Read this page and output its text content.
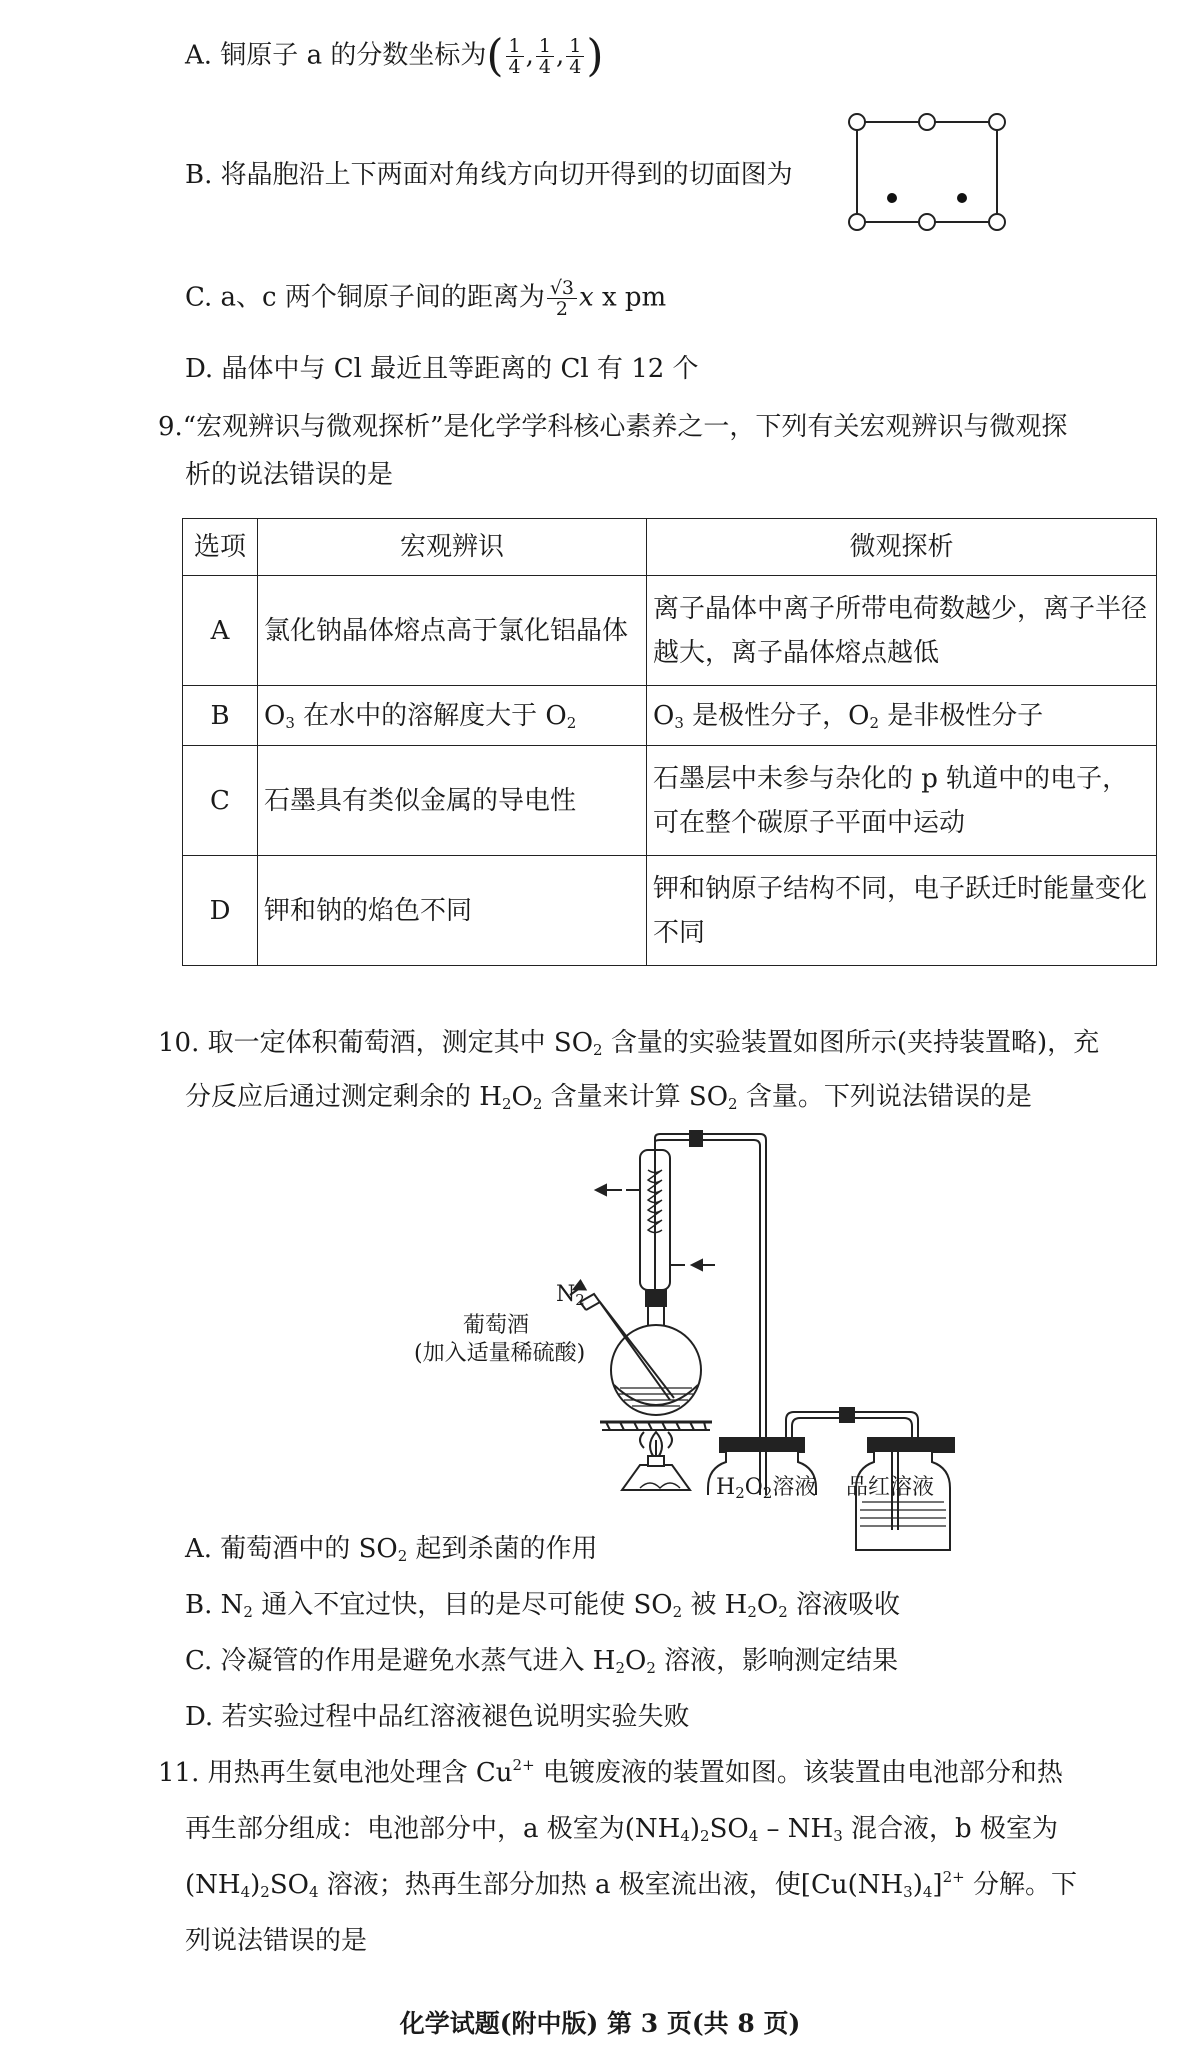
A. 铜原子 a 的分数坐标为( $\frac{1}{4}$ , $\frac{1}{4}$ , $\frac{1}{4}$ )
B. 将晶胞沿上下两面对角线方向切开得到的切面图为
C. a、c 两个铜原子间的距离为 $\frac{√3}{2}$ x x pm
D. 晶体中与 Cl 最近且等距离的 Cl 有 12 个
9.“宏观辨识与微观探析”是化学学科核心素养之一，下列有关宏观辨识与微观探
析的说法错误的是
选项	宏观辨识	微观探析
A	氯化钠晶体熔点高于氯化铝晶体	离子晶体中离子所带电荷数越少，离子半径越大，离子晶体熔点越低
B	$O_3$ 在水中的溶解度大于 $O_2$	$O_3$ 是极性分子，$O_2$ 是非极性分子
C	石墨具有类似金属的导电性	石墨层中未参与杂化的 p 轨道中的电子，可在整个碳原子平面中运动
D	钾和钠的焰色不同	钾和钠原子结构不同，电子跃迁时能量变化不同
10. 取一定体积葡萄酒，测定其中 $SO_2$ 含量的实验装置如图所示(夹持装置略)，充
分反应后通过测定剩余的 $H_2O_2$ 含量来计算 $SO_2$ 含量。下列说法错误的是
$N_2$
葡萄酒
(加入适量稀硫酸)
$H_2O_2$溶液 品红溶液
A. 葡萄酒中的 $SO_2$ 起到杀菌的作用
B. $N_2$ 通入不宜过快，目的是尽可能使 $SO_2$ 被 $H_2O_2$ 溶液吸收
C. 冷凝管的作用是避免水蒸气进入 $H_2O_2$ 溶液，影响测定结果
D. 若实验过程中品红溶液褪色说明实验失败
11. 用热再生氨电池处理含 $Cu^{2+}$ 电镀废液的装置如图。该装置由电池部分和热
再生部分组成：电池部分中，a 极室为$(NH_4)_2SO_4 - NH_3$ 混合液，b 极室为
$(NH_4)_2SO_4$ 溶液；热再生部分加热 a 极室流出液，使$[Cu(NH_3)_4]^{2+}$ 分解。下
列说法错误的是
化学试题(附中版) 第 3 页(共 8 页)
